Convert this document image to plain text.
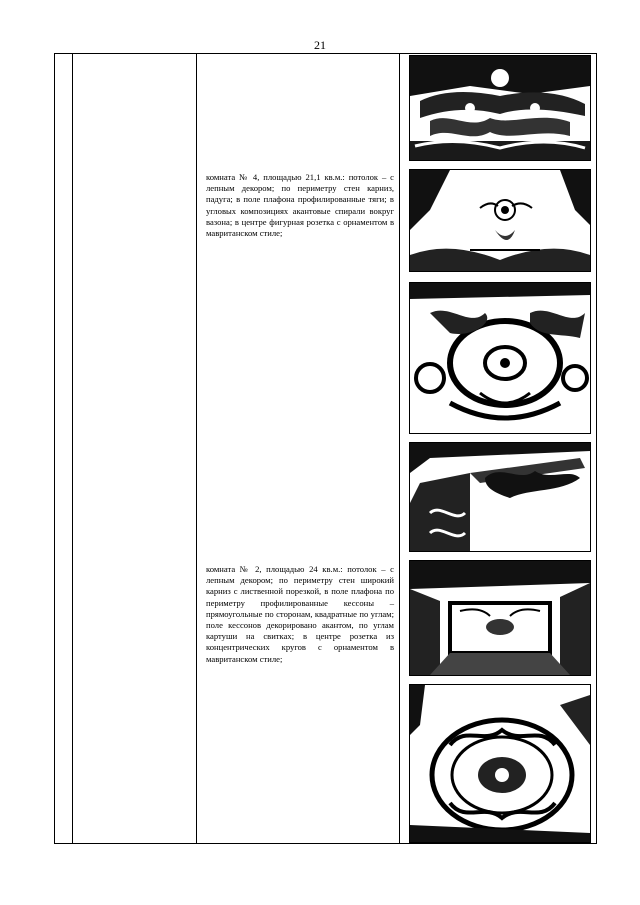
21
комната № 4, площадью 21,1 кв.м.: потолок – с лепным декором; по периметру стен карниз, падуга; в поле плафона профилированные тяги; в угловых композициях акантовые спирали вокруг вазона; в центре фигурная розетка с орнаментом в мавританском стиле;
комната № 2, площадью 24 кв.м.: потолок – с лепным декором; по периметру стен широкий карниз с лиственной порезкой, в поле плафона по периметру профилированные кессоны – прямоугольные по сторонам, квадратные по углам; поле кессонов декорировано акантом, по углам картуши на свитках; в центре розетка из концентрических кругов с орнаментом в мавританском стиле;
